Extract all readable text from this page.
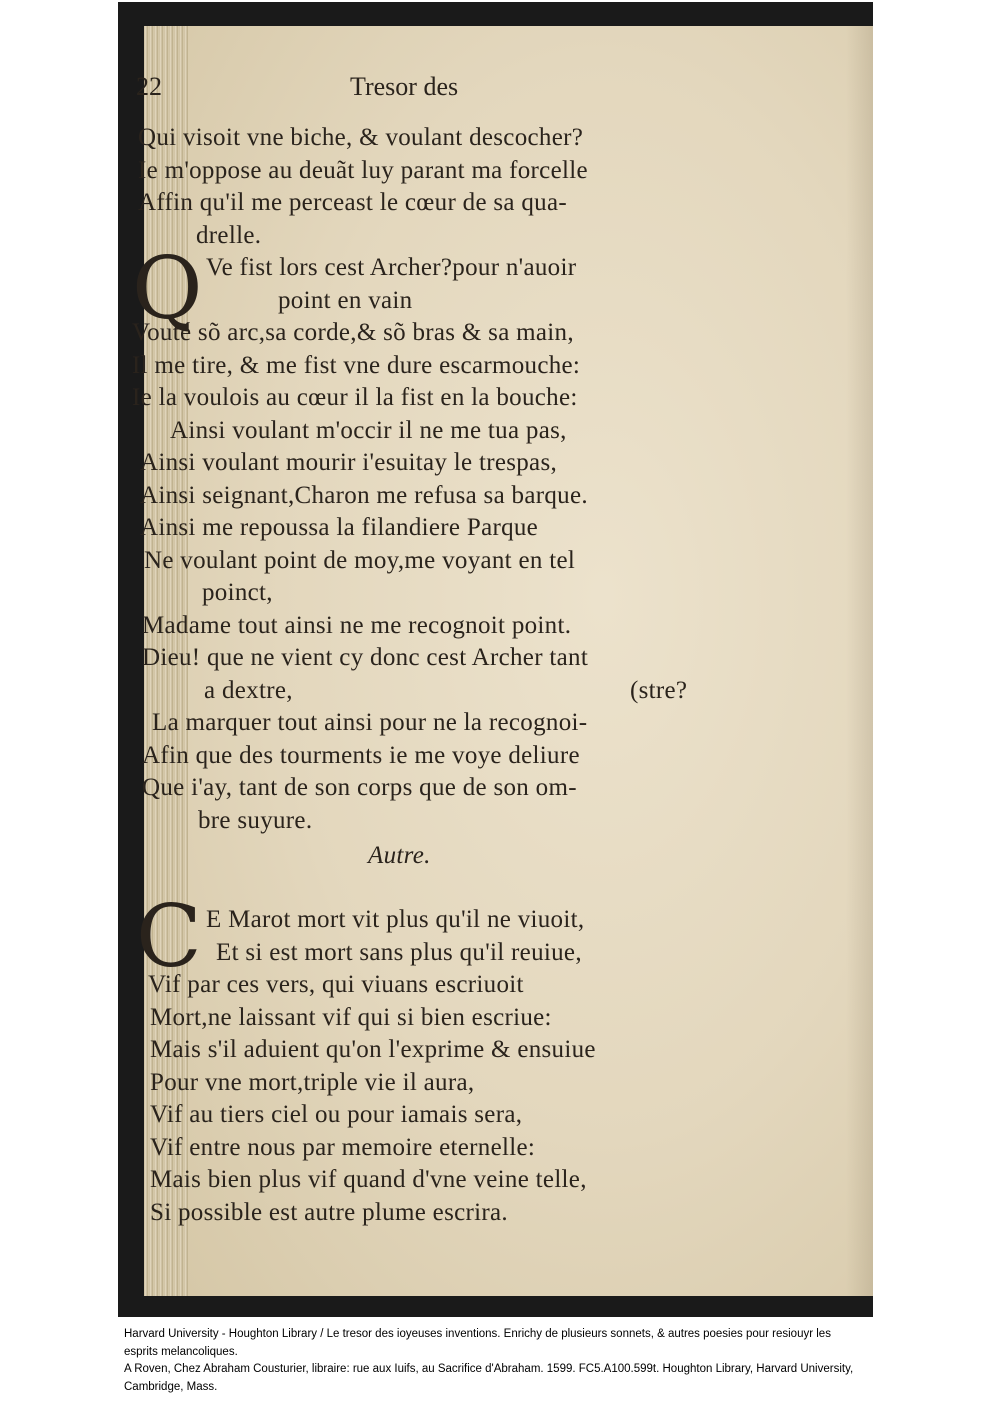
22	Tresor des
Qui visoit vne biche, & voulant descocher?
Ie m'oppose au deuãt luy parant ma forcelle
Affin qu'il me perceast le cœur de sa qua-
drelle.
Q Ve fist lors cest Archer?pour n'auoir
point en vain
Vouté sõ arc,sa corde,& sõ bras & sa main,
Il me tire, & me fist vne dure escarmouche:
Ie la voulois au cœur il la fist en la bouche:
Ainsi voulant m'occir il ne me tua pas,
Ainsi voulant mourir i'esuitay le trespas,
Ainsi seignant,Charon me refusa sa barque.
Ainsi me repoussa la filandiere Parque
Ne voulant point de moy,me voyant en tel
poinct,
Madame tout ainsi ne me recognoit point.
Dieu! que ne vient cy donc cest Archer tant
a dextre,	(stre?
La marquer tout ainsi pour ne la recognoi-
Afin que des tourments ie me voye deliure
Que i'ay, tant de son corps que de son om-
bre suyure.
Autre.
C E Marot mort vit plus qu'il ne viuoit,
Et si est mort sans plus qu'il reuiue,
Vif par ces vers, qui viuans escriuoit
Mort,ne laissant vif qui si bien escriue:
Mais s'il aduient qu'on l'exprime & ensuiue
Pour vne mort,triple vie il aura,
Vif au tiers ciel ou pour iamais sera,
Vif entre nous par memoire eternelle:
Mais bien plus vif quand d'vne veine telle,
Si possible est autre plume escrira.

Harvard University - Houghton Library / Le tresor des ioyeuses inventions. Enrichy de plusieurs sonnets, & autres poesies pour resiouyr les esprits melancoliques.

A Roven, Chez Abraham Cousturier, libraire: rue aux Iuifs, au Sacrifice d'Abraham. 1599. FC5.A100.599t. Houghton Library, Harvard University, Cambridge, Mass.
